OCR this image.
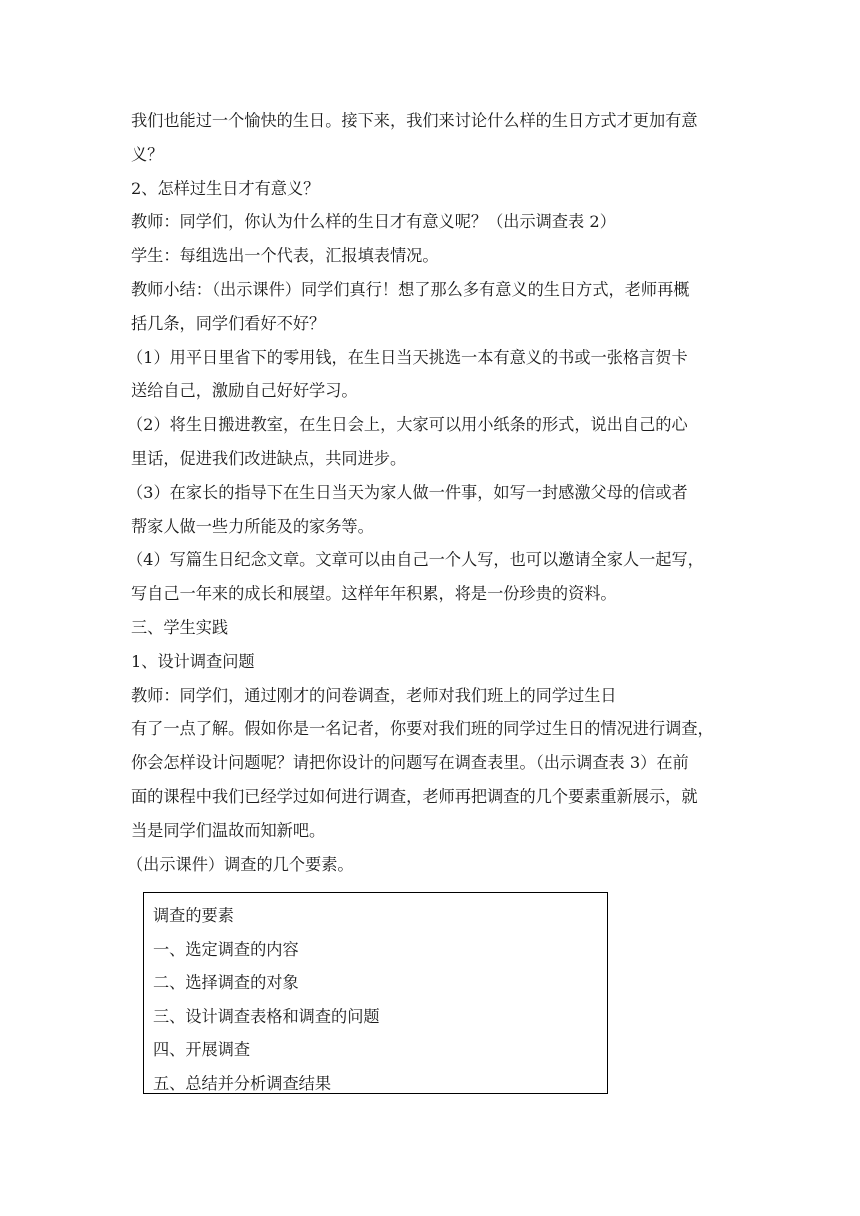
我们也能过一个愉快的生日。接下来，我们来讨论什么样的生日方式才更加有意
义？
2、怎样过生日才有意义？
教师：同学们，你认为什么样的生日才有意义呢？（出示调查表 2）
学生：每组选出一个代表，汇报填表情况。
教师小结：（出示课件）同学们真行！想了那么多有意义的生日方式，老师再概
括几条，同学们看好不好？
（1）用平日里省下的零用钱，在生日当天挑选一本有意义的书或一张格言贺卡
送给自己，激励自己好好学习。
（2）将生日搬进教室，在生日会上，大家可以用小纸条的形式，说出自己的心
里话，促进我们改进缺点，共同进步。
（3）在家长的指导下在生日当天为家人做一件事，如写一封感激父母的信或者
帮家人做一些力所能及的家务等。
（4）写篇生日纪念文章。文章可以由自己一个人写，也可以邀请全家人一起写，
写自己一年来的成长和展望。这样年年积累，将是一份珍贵的资料。
三、学生实践
1、设计调查问题
教师：同学们，通过刚才的问卷调查，老师对我们班上的同学过生日
有了一点了解。假如你是一名记者，你要对我们班的同学过生日的情况进行调查，
你会怎样设计问题呢？请把你设计的问题写在调查表里。（出示调查表 3）在前
面的课程中我们已经学过如何进行调查，老师再把调查的几个要素重新展示，就
当是同学们温故而知新吧。
（出示课件）调查的几个要素。
调查的要素
一、选定调查的内容
二、选择调查的对象
三、设计调查表格和调查的问题
四、开展调查
五、总结并分析调查结果
